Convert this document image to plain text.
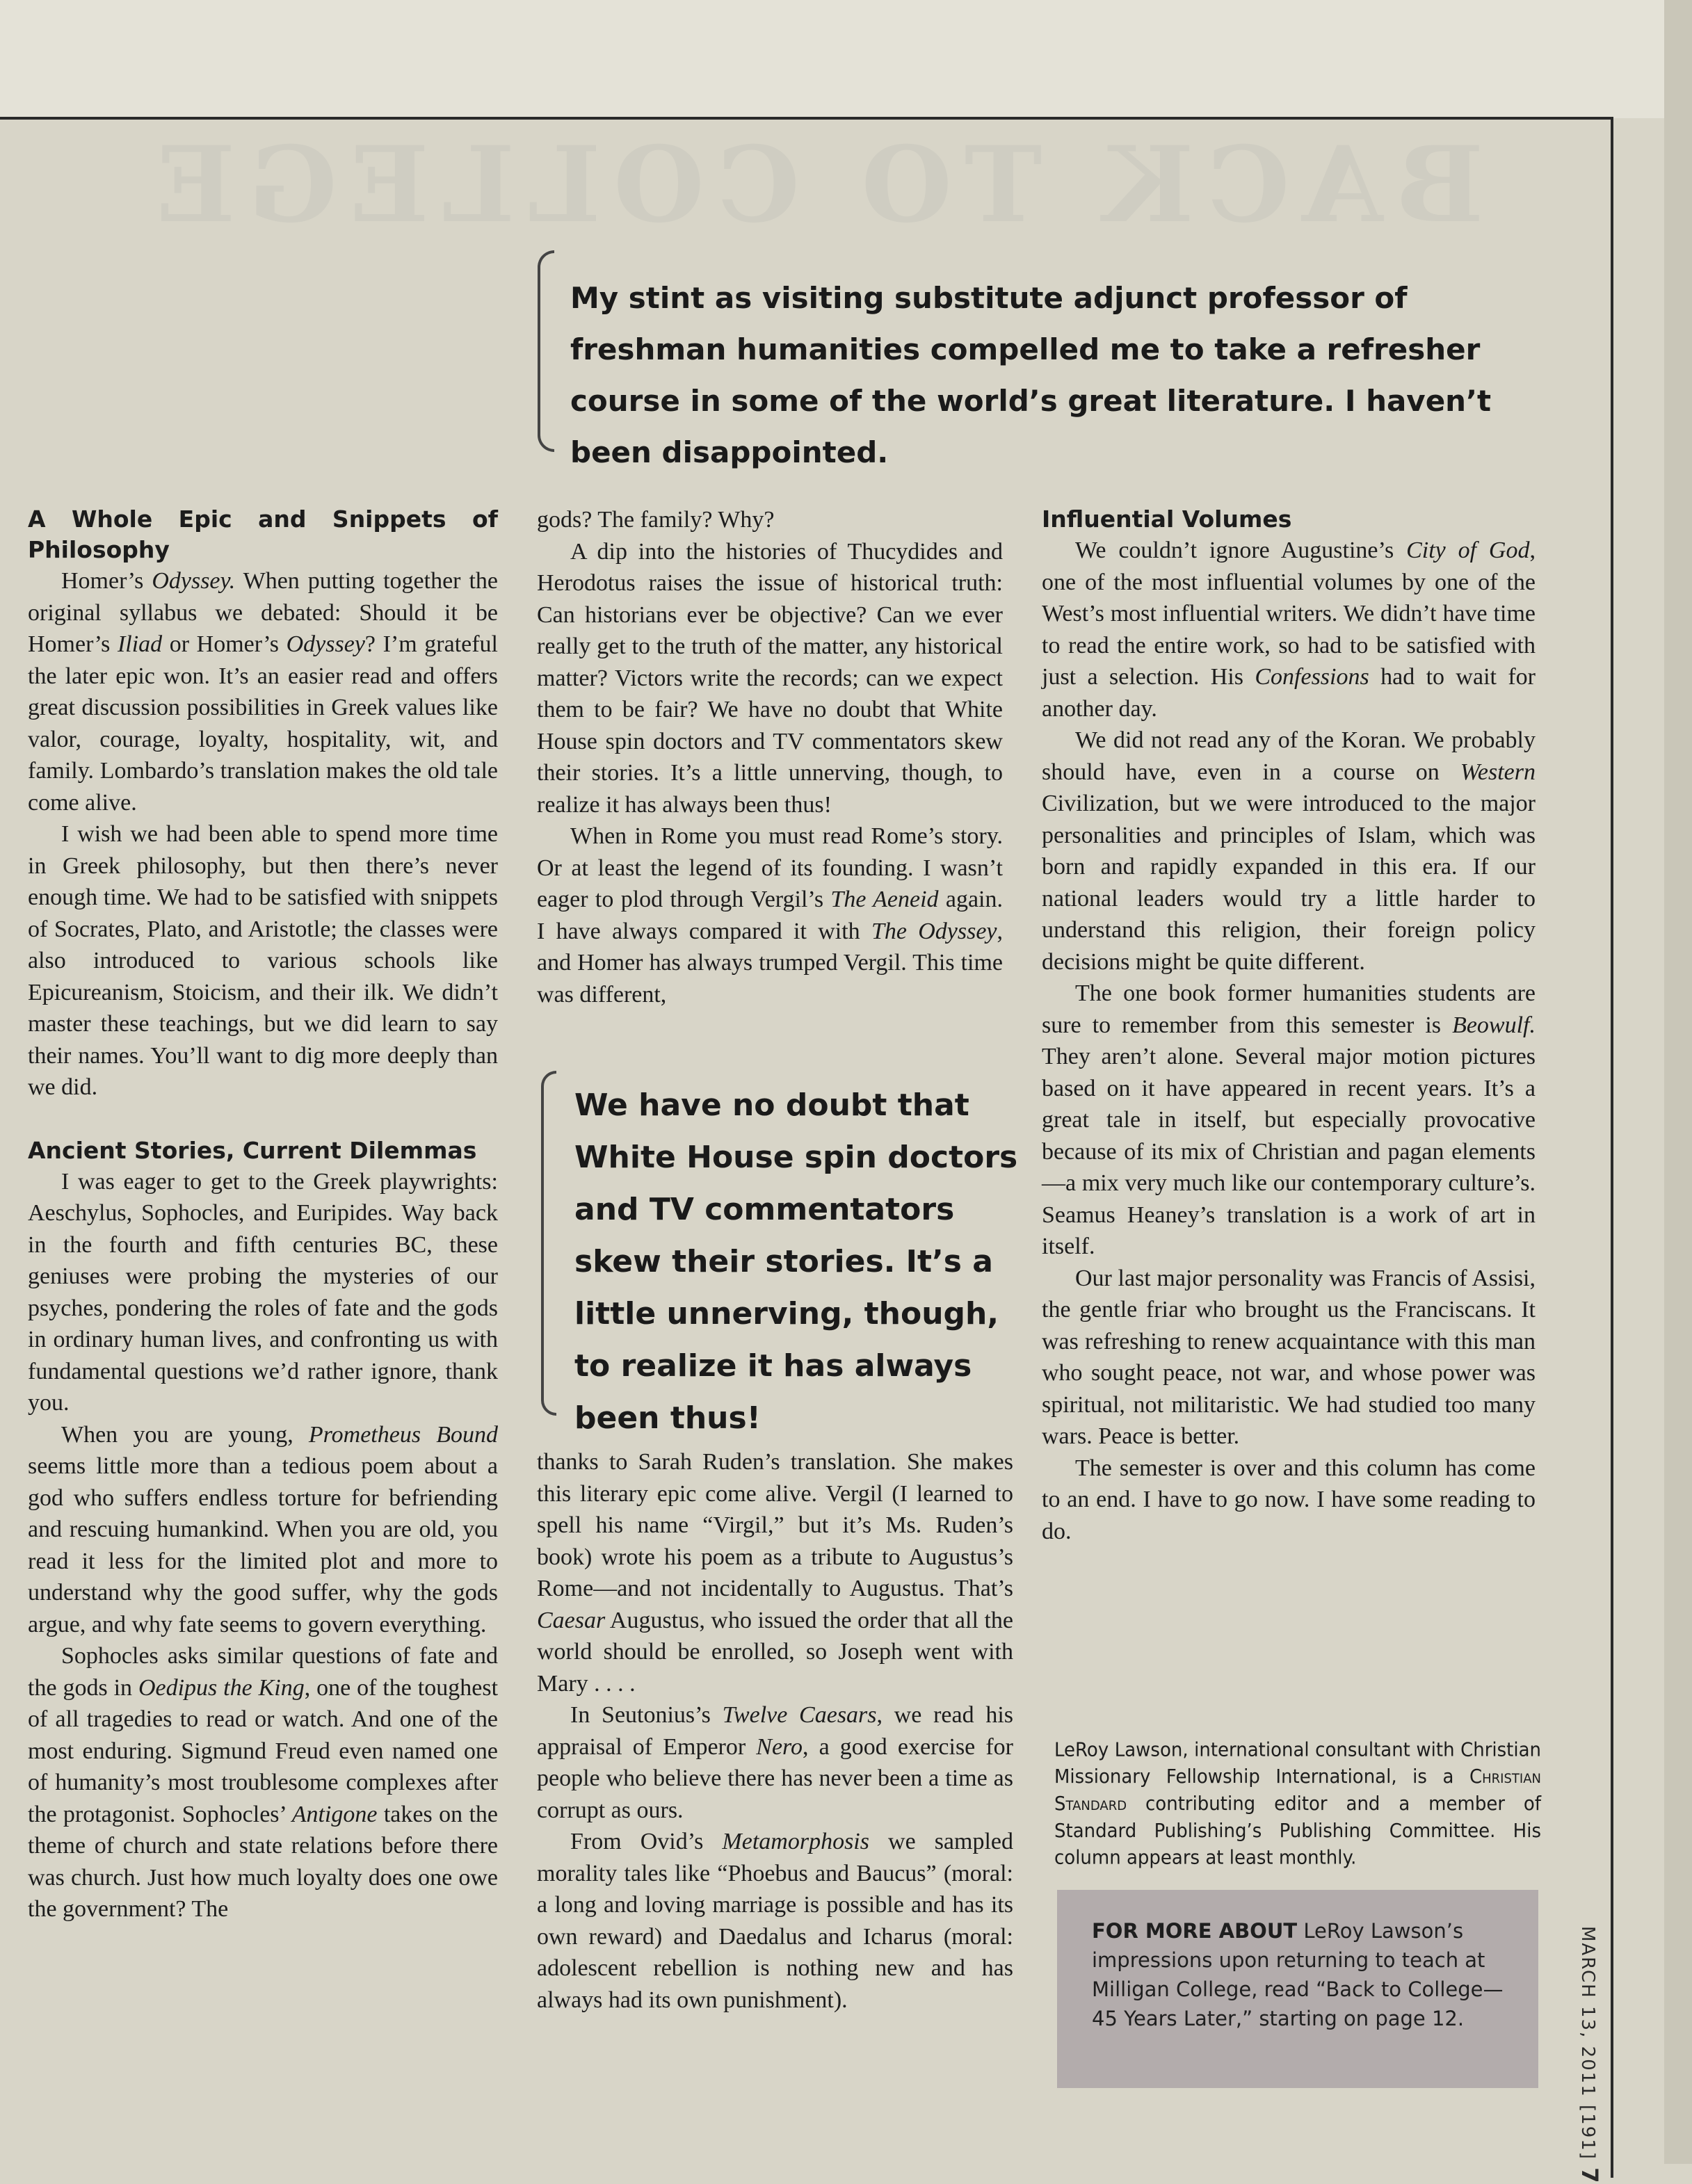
BACK TO COLLEGE
My stint as visiting substitute adjunct professor of freshman humanities compelled me to take a refresher course in some of the world’s great literature. I haven’t been disappointed.
A Whole Epic and Snippets of Philosophy

Homer’s Odyssey. When putting together the original syllabus we debated: Should it be Homer’s Iliad or Homer’s Odyssey? I’m grateful the later epic won. It’s an easier read and offers great discussion possibilities in Greek values like valor, courage, loyalty, hospitality, wit, and family. Lombardo’s translation makes the old tale come alive.

I wish we had been able to spend more time in Greek philosophy, but then there’s never enough time. We had to be satisfied with snippets of Socrates, Plato, and Aristotle; the classes were also introduced to various schools like Epicureanism, Stoicism, and their ilk. We didn’t master these teachings, but we did learn to say their names. You’ll want to dig more deeply than we did.

Ancient Stories, Current Dilemmas

I was eager to get to the Greek playwrights: Aeschylus, Sophocles, and Euripides. Way back in the fourth and fifth centuries BC, these geniuses were probing the mysteries of our psyches, pondering the roles of fate and the gods in ordinary human lives, and confronting us with fundamental questions we’d rather ignore, thank you.

When you are young, Prometheus Bound seems little more than a tedious poem about a god who suffers endless torture for befriending and rescuing humankind. When you are old, you read it less for the limited plot and more to understand why the good suffer, why the gods argue, and why fate seems to govern everything.

Sophocles asks similar questions of fate and the gods in Oedipus the King, one of the toughest of all tragedies to read or watch. And one of the most enduring. Sigmund Freud even named one of humanity’s most troublesome complexes after the protagonist. Sophocles’ Antigone takes on the theme of church and state relations before there was church. Just how much loyalty does one owe the government? The

gods? The family? Why?

A dip into the histories of Thucydides and Herodotus raises the issue of historical truth: Can historians ever be objective? Can we ever really get to the truth of the matter, any historical matter? Victors write the records; can we expect them to be fair? We have no doubt that White House spin doctors and TV commentators skew their stories. It’s a little unnerving, though, to realize it has always been thus!

When in Rome you must read Rome’s story. Or at least the legend of its founding. I wasn’t eager to plod through Vergil’s The Aeneid again. I have always compared it with The Odyssey, and Homer has always trumped Vergil. This time was different,

We have no doubt that White House spin doctors and TV commentators skew their stories. It’s a little unnerving, though, to realize it has always been thus!

thanks to Sarah Ruden’s translation. She makes this literary epic come alive. Vergil (I learned to spell his name “Virgil,” but it’s Ms. Ruden’s book) wrote his poem as a tribute to Augustus’s Rome—and not incidentally to Augustus. That’s Caesar Augustus, who issued the order that all the world should be enrolled, so Joseph went with Mary . . . .

In Seutonius’s Twelve Caesars, we read his appraisal of Emperor Nero, a good exercise for people who believe there has never been a time as corrupt as ours.

From Ovid’s Metamorphosis we sampled morality tales like “Phoebus and Baucus” (moral: a long and loving marriage is possible and has its own reward) and Daedalus and Icharus (moral: adolescent rebellion is nothing new and has always had its own punishment).

Influential Volumes

We couldn’t ignore Augustine’s City of God, one of the most influential volumes by one of the West’s most influential writers. We didn’t have time to read the entire work, so had to be satisfied with just a selection. His Confessions had to wait for another day.

We did not read any of the Koran. We probably should have, even in a course on Western Civilization, but we were introduced to the major personalities and principles of Islam, which was born and rapidly expanded in this era. If our national leaders would try a little harder to understand this religion, their foreign policy decisions might be quite different.

The one book former humanities students are sure to remember from this semester is Beowulf. They aren’t alone. Several major motion pictures based on it have appeared in recent years. It’s a great tale in itself, but especially provocative because of its mix of Christian and pagan elements—a mix very much like our contemporary culture’s. Seamus Heaney’s translation is a work of art in itself.

Our last major personality was Francis of Assisi, the gentle friar who brought us the Franciscans. It was refreshing to renew acquaintance with this man who sought peace, not war, and whose power was spiritual, not militaristic. We had studied too many wars. Peace is better.

The semester is over and this column has come to an end. I have to go now. I have some reading to do.

LeRoy Lawson, international consultant with Christian Missionary Fellowship International, is a Christian Standard contributing editor and a member of Standard Publishing’s Publishing Committee. His column appears at least monthly.
FOR MORE ABOUT LeRoy Lawson’s impressions upon returning to teach at Milligan College, read “Back to College—45 Years Later,” starting on page 12.	MARCH 13, 2011 [191] 7
